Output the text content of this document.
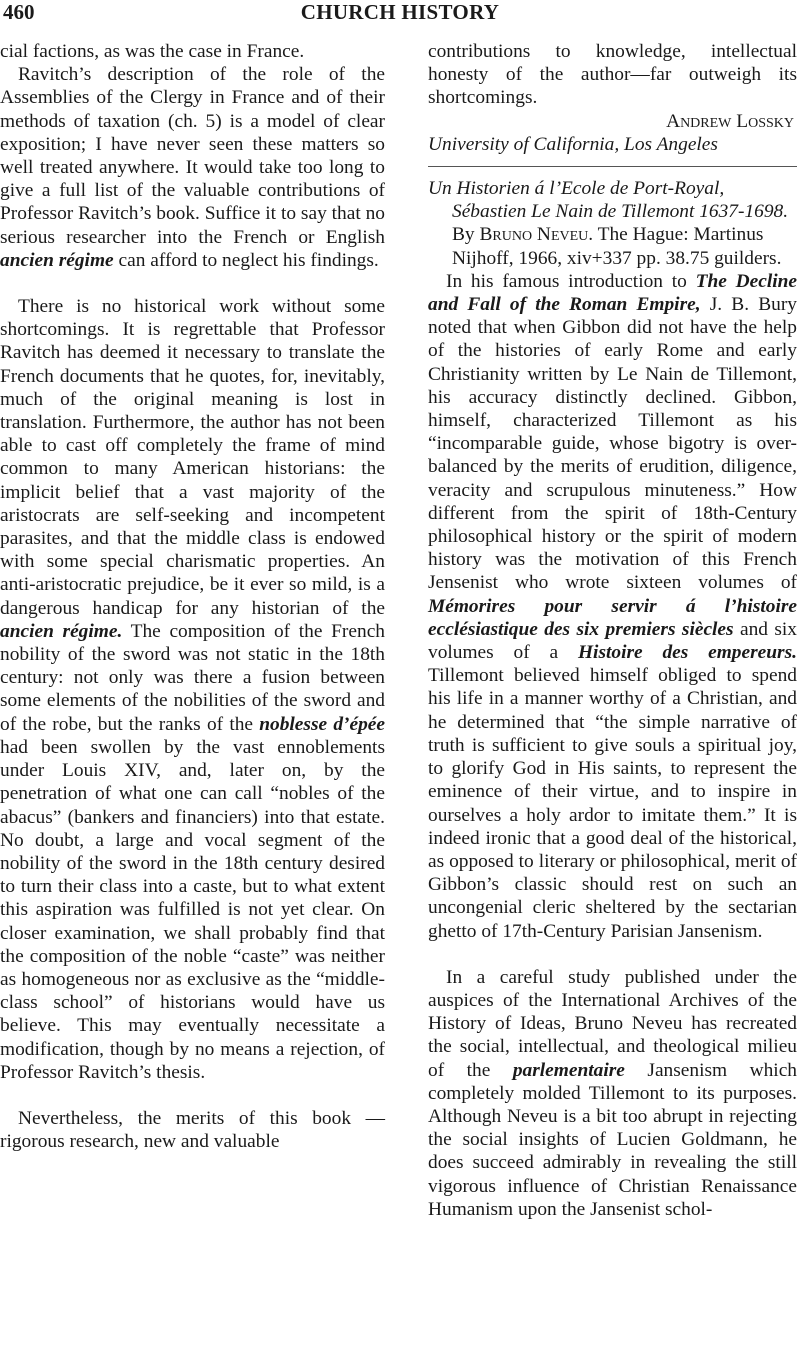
460	CHURCH HISTORY

cial factions, as was the case in France.

Ravitch’s description of the role of the Assemblies of the Clergy in France and of their methods of taxation (ch. 5) is a model of clear exposition; I have never seen these matters so well treated anywhere. It would take too long to give a full list of the valuable contributions of Professor Ravitch’s book. Suffice it to say that no serious researcher into the French or English ancien régime can afford to neglect his findings.

There is no historical work without some shortcomings. It is regrettable that Professor Ravitch has deemed it necessary to translate the French documents that he quotes, for, inevitably, much of the original meaning is lost in translation. Furthermore, the author has not been able to cast off completely the frame of mind common to many American historians: the implicit belief that a vast majority of the aristocrats are self-seeking and incompetent parasites, and that the middle class is endowed with some special charismatic properties. An anti-aristocratic prejudice, be it ever so mild, is a dangerous handicap for any historian of the ancien régime. The composition of the French nobility of the sword was not static in the 18th century: not only was there a fusion between some elements of the nobilities of the sword and of the robe, but the ranks of the noblesse d’épée had been swollen by the vast ennoblements under Louis XIV, and, later on, by the penetration of what one can call “nobles of the abacus” (bankers and financiers) into that estate. No doubt, a large and vocal segment of the nobility of the sword in the 18th century desired to turn their class into a caste, but to what extent this aspiration was fulfilled is not yet clear. On closer examination, we shall probably find that the composition of the noble “caste” was neither as homogeneous nor as exclusive as the “middle-class school” of historians would have us believe. This may eventually necessitate a modification, though by no means a rejection, of Professor Ravitch’s thesis.

Nevertheless, the merits of this book —rigorous research, new and valuable

contributions to knowledge, intellectual honesty of the author—far outweigh its shortcomings.

Andrew Lossky

University of California, Los Angeles

Un Historien á l’Ecole de Port-Royal, Sébastien Le Nain de Tillemont 1637-1698. By Bruno Neveu. The Hague: Martinus Nijhoff, 1966, xiv+337 pp. 38.75 guilders.

In his famous introduction to The Decline and Fall of the Roman Empire, J. B. Bury noted that when Gibbon did not have the help of the histories of early Rome and early Christianity written by Le Nain de Tillemont, his accuracy distinctly declined. Gibbon, himself, characterized Tillemont as his “incomparable guide, whose bigotry is over-balanced by the merits of erudition, diligence, veracity and scrupulous minuteness.” How different from the spirit of 18th-Century philosophical history or the spirit of modern history was the motivation of this French Jensenist who wrote sixteen volumes of Mémorires pour servir á l’histoire ecclésiastique des six premiers siècles and six volumes of a Histoire des empereurs. Tillemont believed himself obliged to spend his life in a manner worthy of a Christian, and he determined that “the simple narrative of truth is sufficient to give souls a spiritual joy, to glorify God in His saints, to represent the eminence of their virtue, and to inspire in ourselves a holy ardor to imitate them.” It is indeed ironic that a good deal of the historical, as opposed to literary or philosophical, merit of Gibbon’s classic should rest on such an uncongenial cleric sheltered by the sectarian ghetto of 17th-Century Parisian Jansenism.

In a careful study published under the auspices of the International Archives of the History of Ideas, Bruno Neveu has recreated the social, intellectual, and theological milieu of the parlementaire Jansenism which completely molded Tillemont to its purposes. Although Neveu is a bit too abrupt in rejecting the social insights of Lucien Goldmann, he does succeed admirably in revealing the still vigorous influence of Christian Renaissance Humanism upon the Jansenist schol-
